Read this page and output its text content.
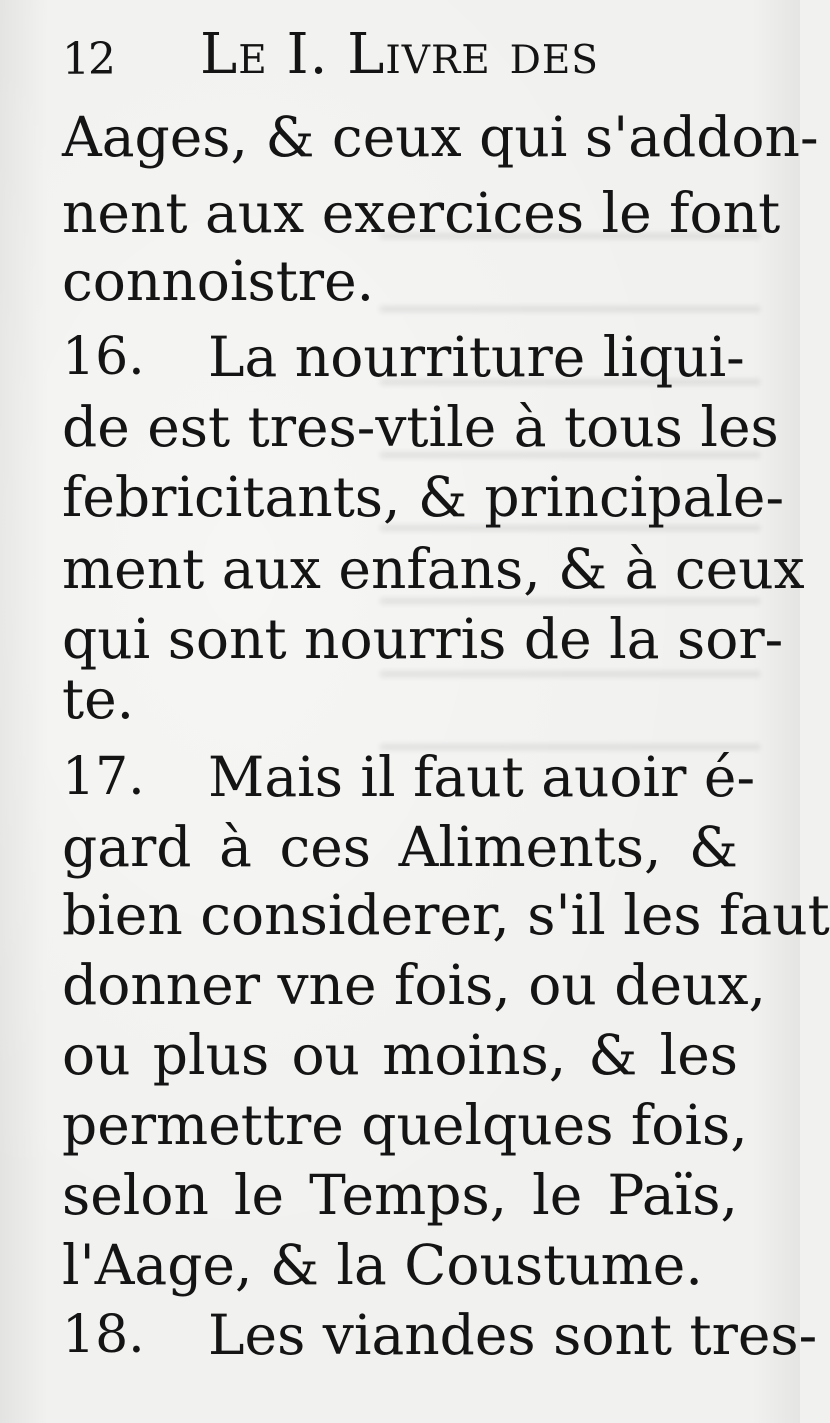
12 Le I. Livre des
Aages, & ceux qui s'addon-
nent aux exercices le font
connoistre.
16. La nourriture liqui-
de est tres-vtile à tous les
febricitants, & principale-
ment aux enfans, & à ceux
qui sont nourris de la sor-
te.
17. Mais il faut auoir é-
gard à ces Aliments, &
bien considerer, s'il les faut
donner vne fois, ou deux,
ou plus ou moins, & les
permettre quelques fois,
selon le Temps, le Païs,
l'Aage, & la Coustume.
18. Les viandes sont tres-
